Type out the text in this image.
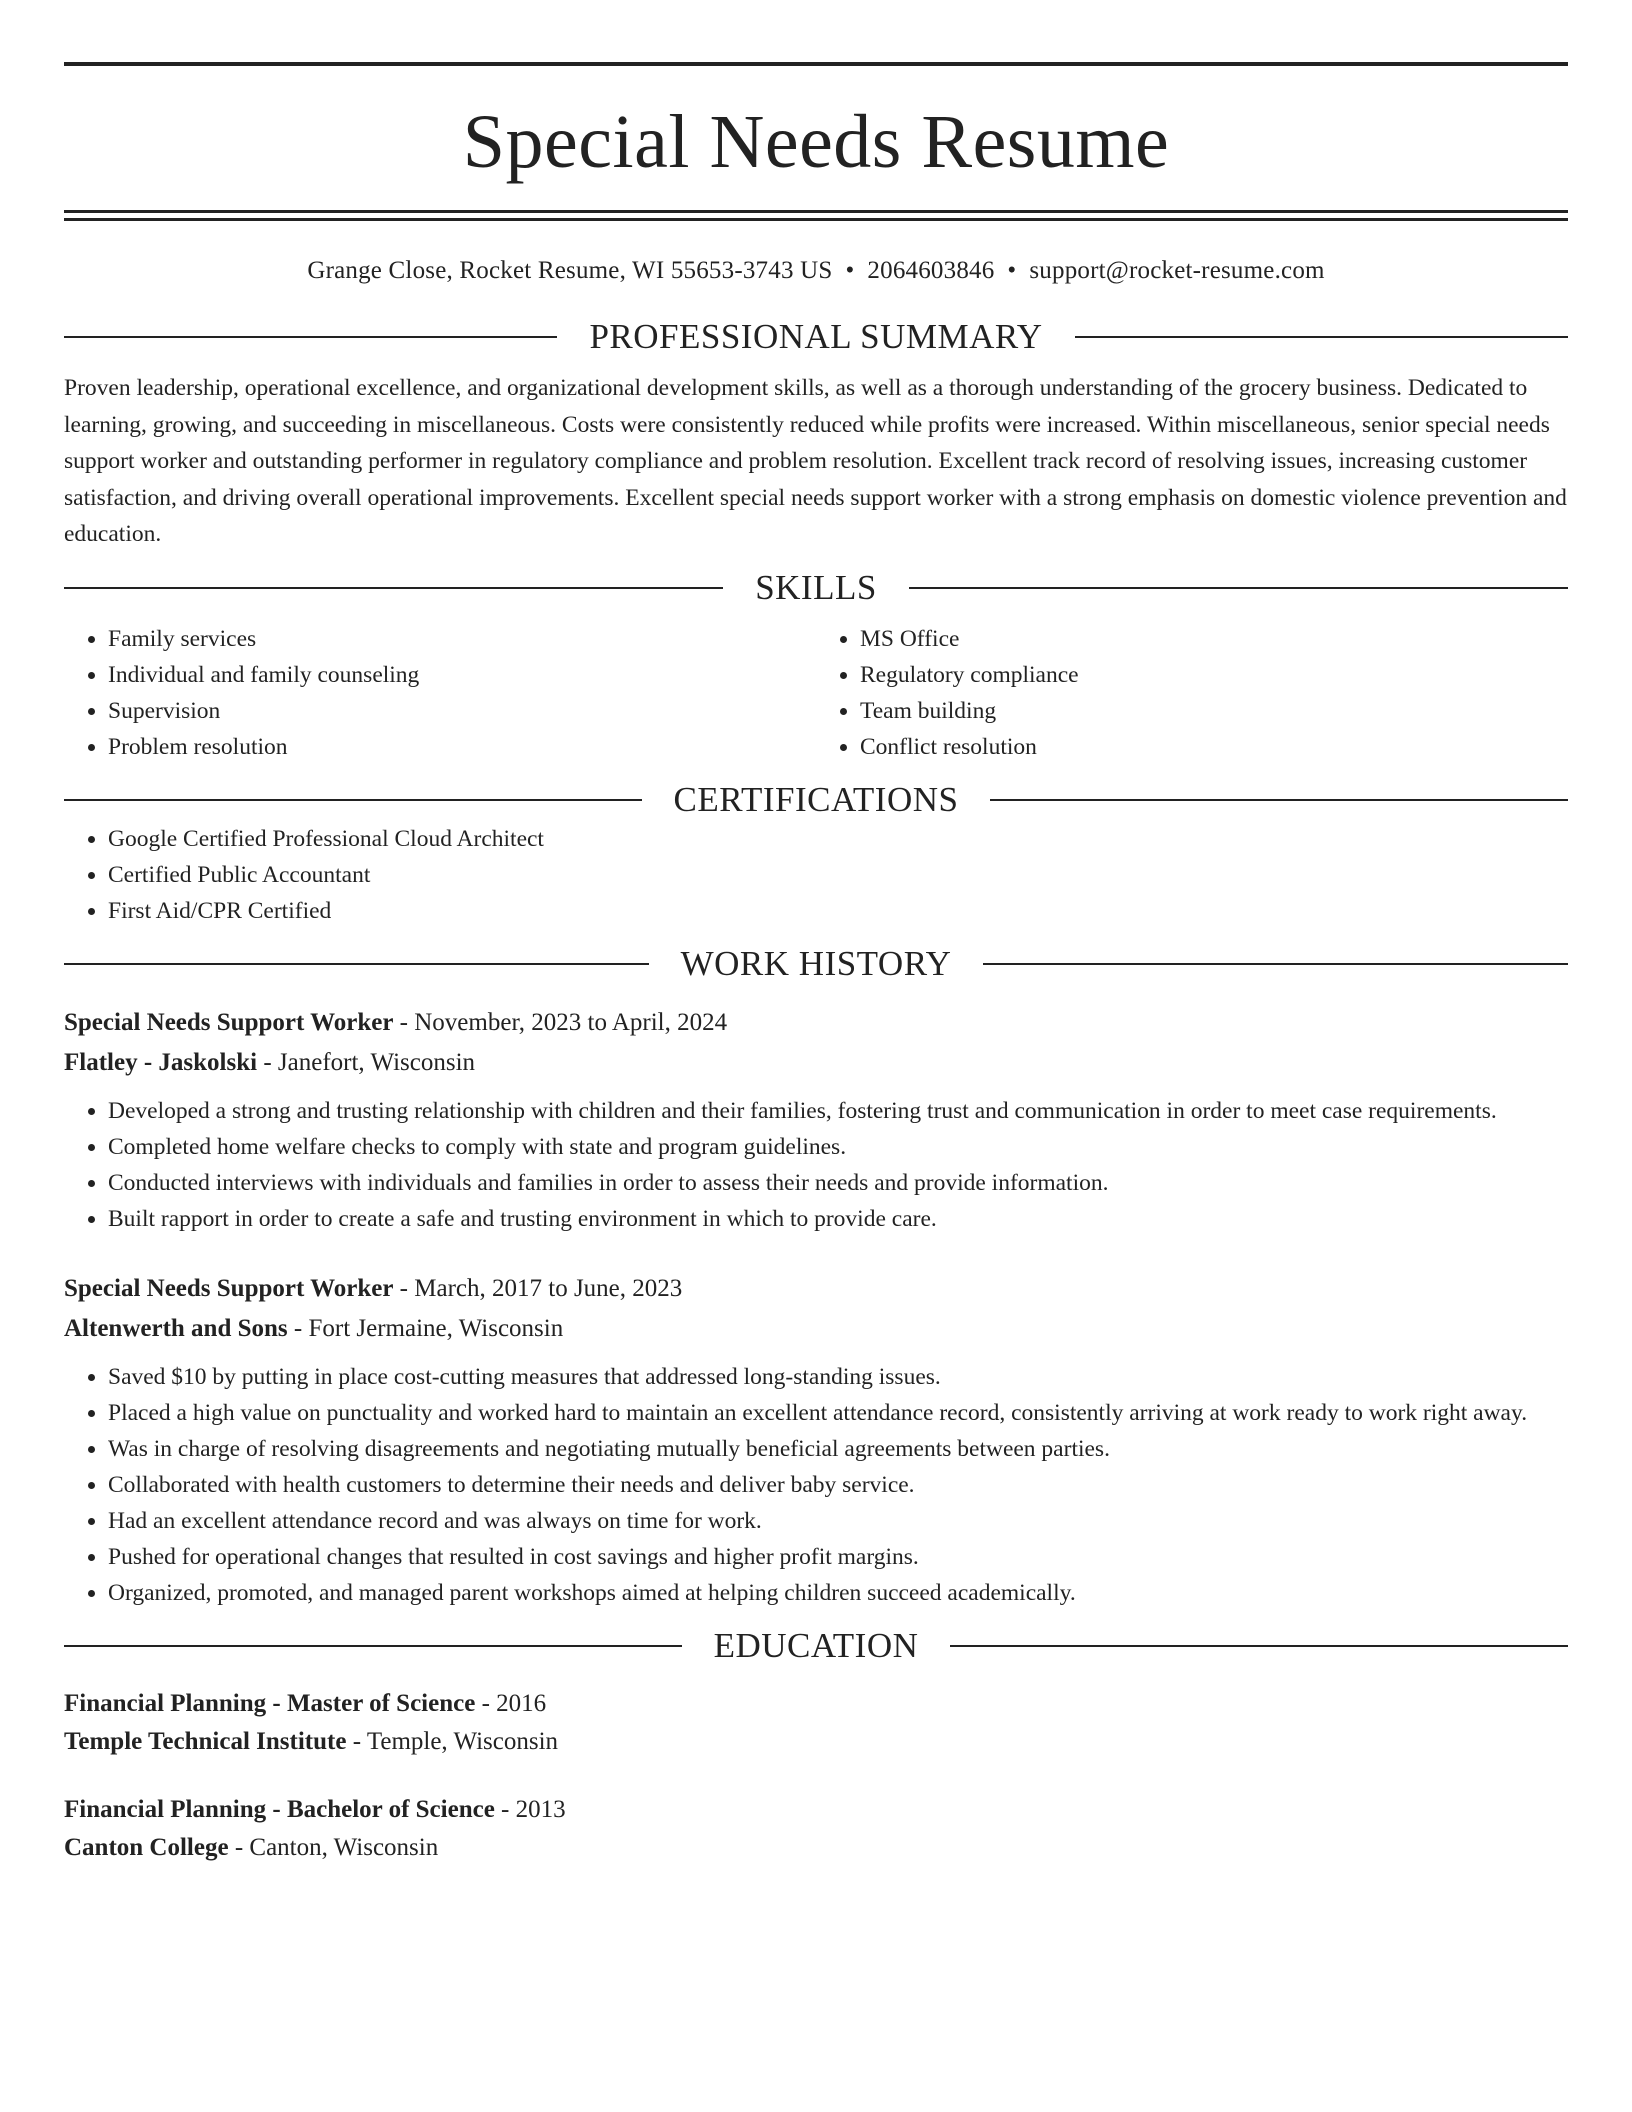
Special Needs Resume
Grange Close, Rocket Resume, WI 55653-3743 US • 2064603846 • support@rocket-resume.com
PROFESSIONAL SUMMARY
Proven leadership, operational excellence, and organizational development skills, as well as a thorough understanding of the grocery business. Dedicated to learning, growing, and succeeding in miscellaneous. Costs were consistently reduced while profits were increased. Within miscellaneous, senior special needs support worker and outstanding performer in regulatory compliance and problem resolution. Excellent track record of resolving issues, increasing customer satisfaction, and driving overall operational improvements. Excellent special needs support worker with a strong emphasis on domestic violence prevention and education.
SKILLS
• Family services
• Individual and family counseling
• Supervision
• Problem resolution
• MS Office
• Regulatory compliance
• Team building
• Conflict resolution
CERTIFICATIONS
• Google Certified Professional Cloud Architect
• Certified Public Accountant
• First Aid/CPR Certified
WORK HISTORY
Special Needs Support Worker - November, 2023 to April, 2024
Flatley - Jaskolski - Janefort, Wisconsin
• Developed a strong and trusting relationship with children and their families, fostering trust and communication in order to meet case requirements.
• Completed home welfare checks to comply with state and program guidelines.
• Conducted interviews with individuals and families in order to assess their needs and provide information.
• Built rapport in order to create a safe and trusting environment in which to provide care.
Special Needs Support Worker - March, 2017 to June, 2023
Altenwerth and Sons - Fort Jermaine, Wisconsin
• Saved $10 by putting in place cost-cutting measures that addressed long-standing issues.
• Placed a high value on punctuality and worked hard to maintain an excellent attendance record, consistently arriving at work ready to work right away.
• Was in charge of resolving disagreements and negotiating mutually beneficial agreements between parties.
• Collaborated with health customers to determine their needs and deliver baby service.
• Had an excellent attendance record and was always on time for work.
• Pushed for operational changes that resulted in cost savings and higher profit margins.
• Organized, promoted, and managed parent workshops aimed at helping children succeed academically.
EDUCATION
Financial Planning - Master of Science - 2016
Temple Technical Institute - Temple, Wisconsin
Financial Planning - Bachelor of Science - 2013
Canton College - Canton, Wisconsin
